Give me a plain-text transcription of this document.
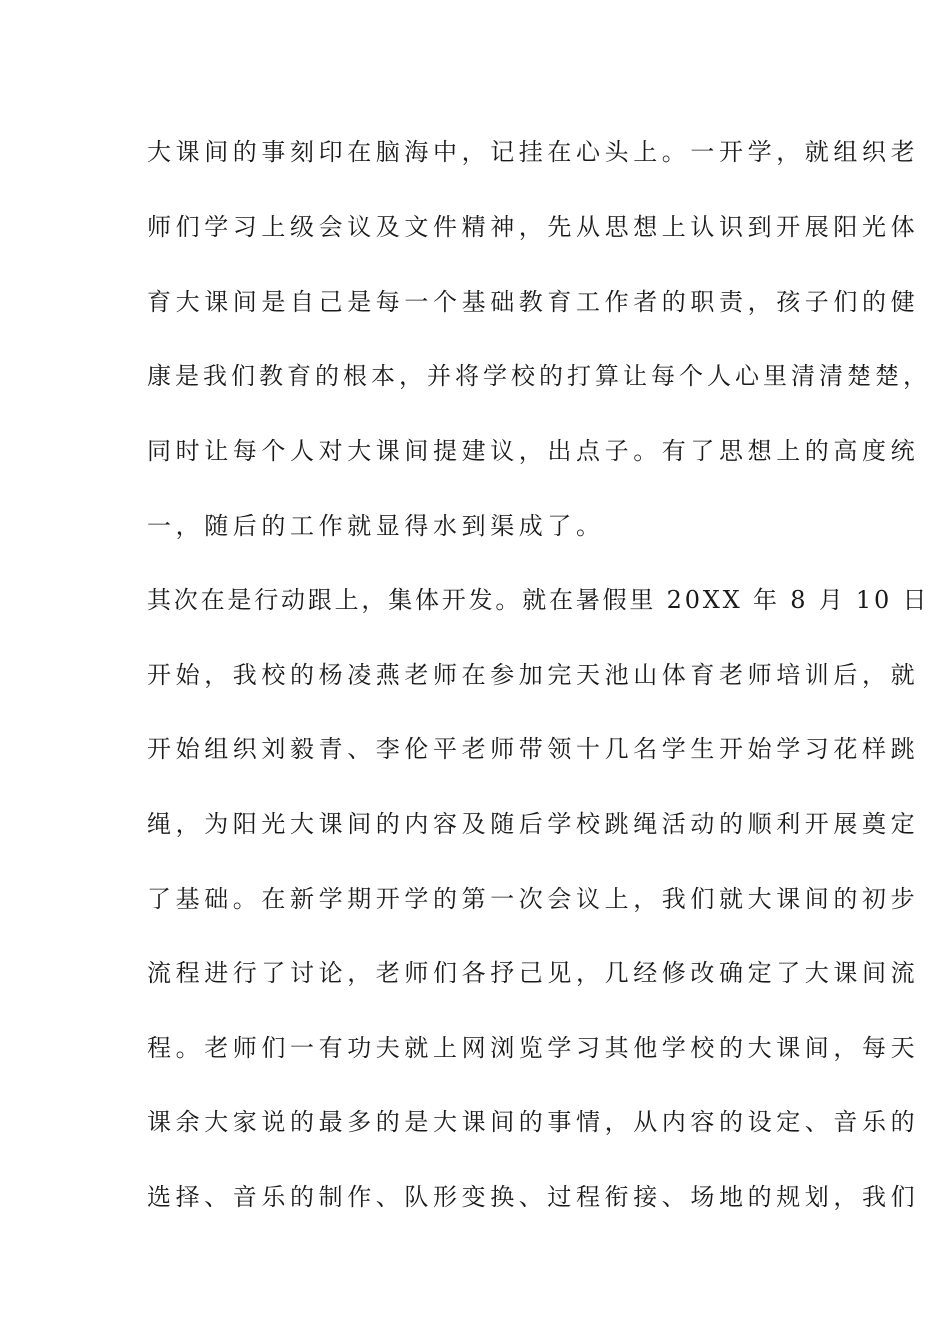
大课间的事刻印在脑海中，记挂在心头上。一开学，就组织老
师们学习上级会议及文件精神，先从思想上认识到开展阳光体
育大课间是自己是每一个基础教育工作者的职责，孩子们的健
康是我们教育的根本，并将学校的打算让每个人心里清清楚楚，
同时让每个人对大课间提建议，出点子。有了思想上的高度统
一，随后的工作就显得水到渠成了。
其次在是行动跟上，集体开发。就在暑假里 20XX 年 8 月 10 日
开始，我校的杨凌燕老师在参加完天池山体育老师培训后，就
开始组织刘毅青、李伦平老师带领十几名学生开始学习花样跳
绳，为阳光大课间的内容及随后学校跳绳活动的顺利开展奠定
了基础。在新学期开学的第一次会议上，我们就大课间的初步
流程进行了讨论，老师们各抒己见，几经修改确定了大课间流
程。老师们一有功夫就上网浏览学习其他学校的大课间，每天
课余大家说的最多的是大课间的事情，从内容的设定、音乐的
选择、音乐的制作、队形变换、过程衔接、场地的规划，我们
